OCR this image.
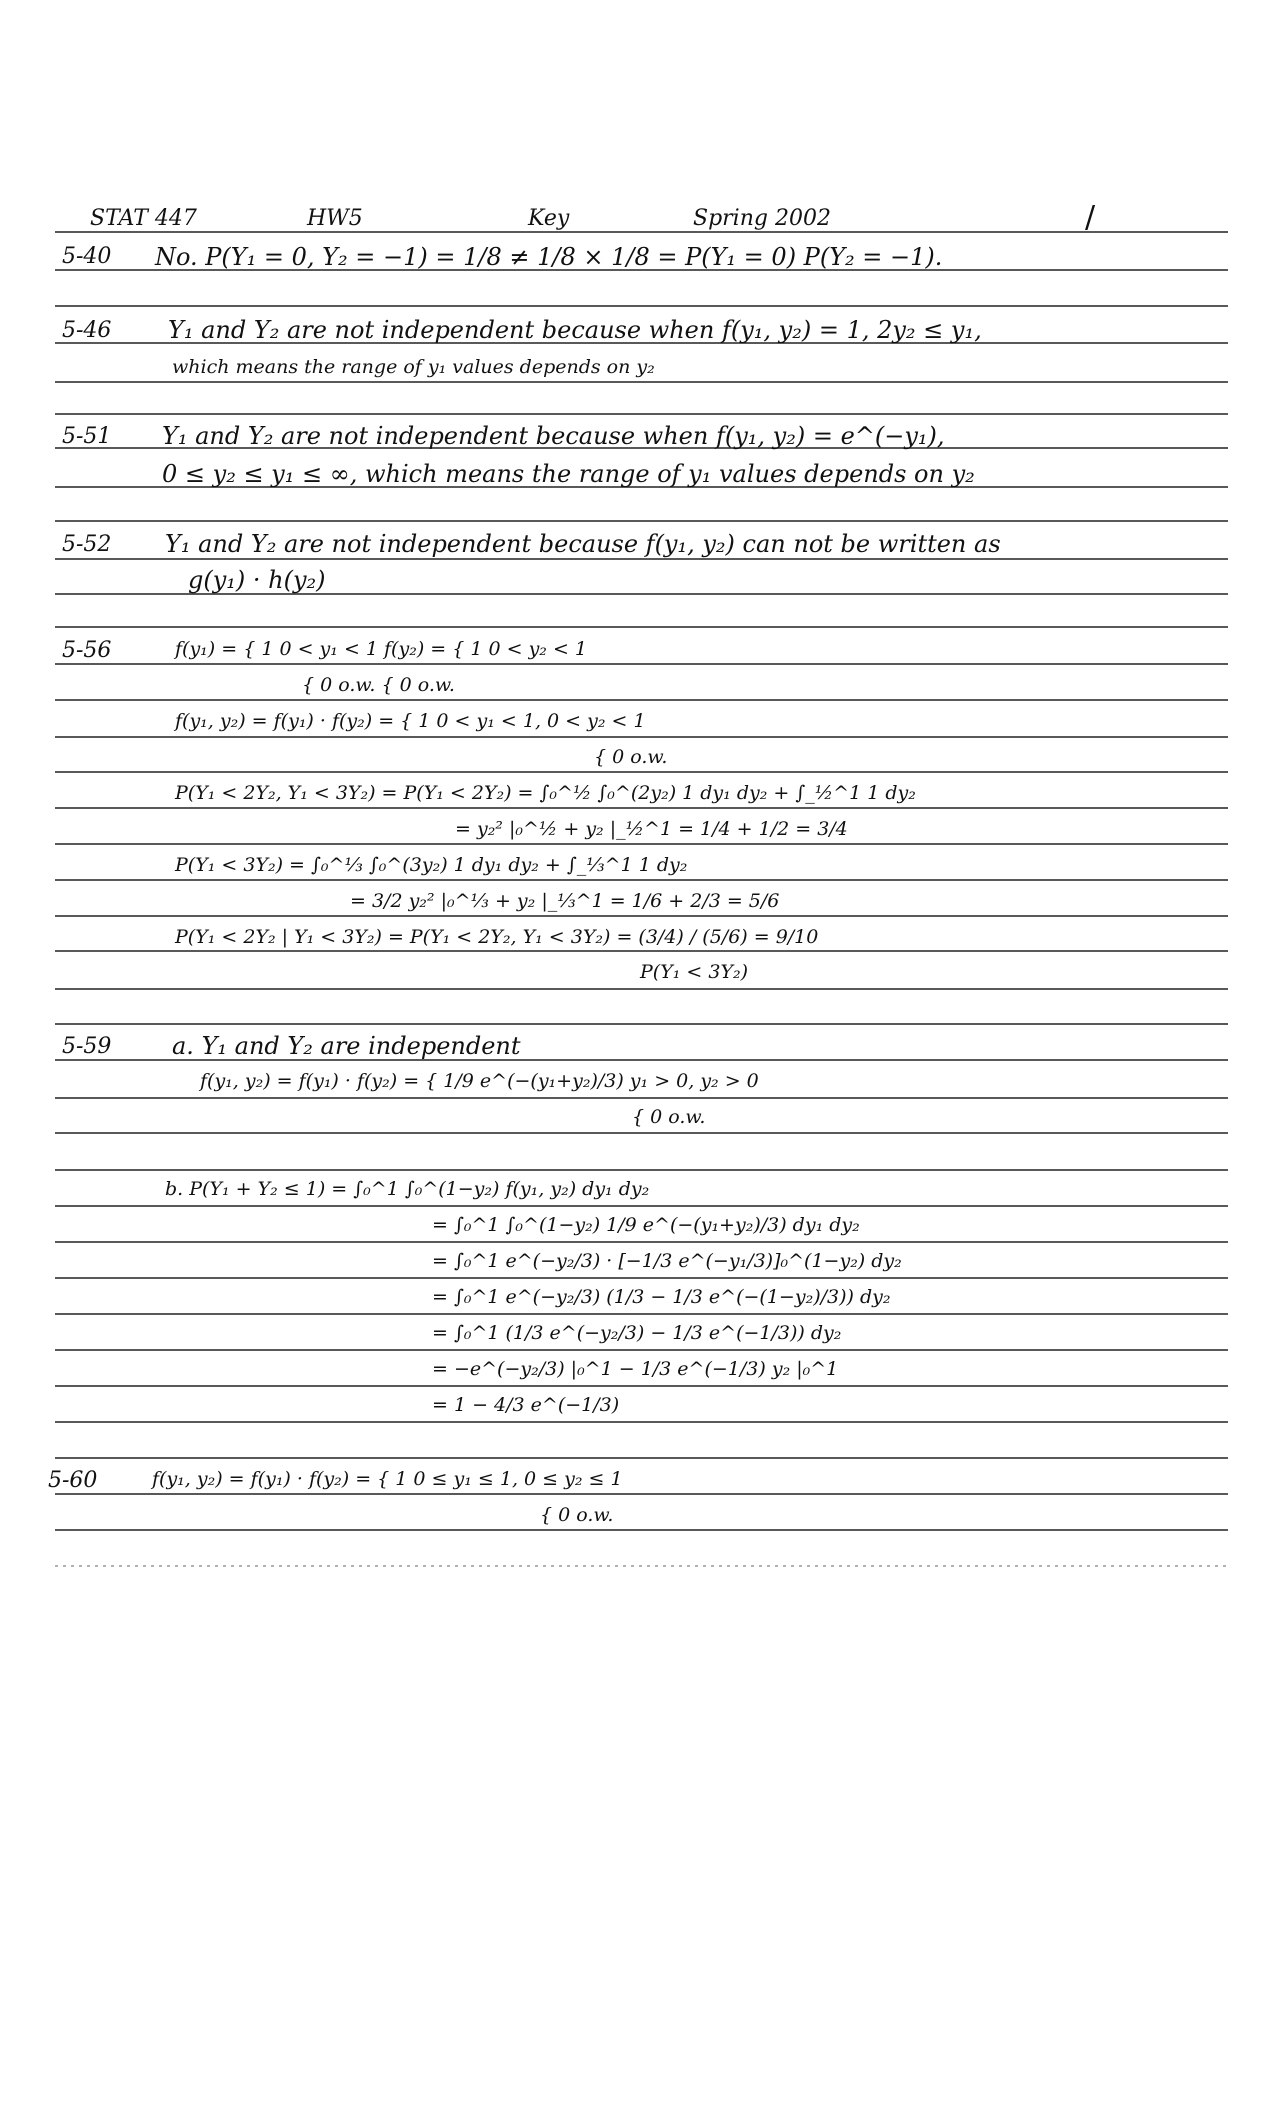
STAT 447	HW5	Key	Spring 2002	/
5-40 No. P(Y₁ = 0, Y₂ = −1) = 1/8 ≠ 1/8 × 1/8 = P(Y₁ = 0) P(Y₂ = −1).
5-46 Y₁ and Y₂ are not independent because when f(y₁, y₂) = 1, 2y₂ ≤ y₁,
which means the range of y₁ values depends on y₂
5-51 Y₁ and Y₂ are not independent because when f(y₁, y₂) = e^(−y₁),
0 ≤ y₂ ≤ y₁ ≤ ∞, which means the range of y₁ values depends on y₂
5-52 Y₁ and Y₂ are not independent because f(y₁, y₂) can not be written as
g(y₁) · h(y₂)
5-56	f(y₁) = { 1 0 < y₁ < 1 f(y₂) = { 1 0 < y₂ < 1
{ 0 o.w. { 0 o.w.
f(y₁, y₂) = f(y₁) · f(y₂) = { 1 0 < y₁ < 1, 0 < y₂ < 1
{ 0 o.w.
P(Y₁ < 2Y₂, Y₁ < 3Y₂) = P(Y₁ < 2Y₂) = ∫₀^½ ∫₀^(2y₂) 1 dy₁ dy₂ + ∫_½^1 1 dy₂
= y₂² |₀^½ + y₂ |_½^1 = 1/4 + 1/2 = 3/4
P(Y₁ < 3Y₂) = ∫₀^⅓ ∫₀^(3y₂) 1 dy₁ dy₂ + ∫_⅓^1 1 dy₂
= 3/2 y₂² |₀^⅓ + y₂ |_⅓^1 = 1/6 + 2/3 = 5/6
P(Y₁ < 2Y₂ | Y₁ < 3Y₂) = P(Y₁ < 2Y₂, Y₁ < 3Y₂) = (3/4) / (5/6) = 9/10
P(Y₁ < 3Y₂)
5-59	a. Y₁ and Y₂ are independent
f(y₁, y₂) = f(y₁) · f(y₂) = { 1/9 e^(−(y₁+y₂)/3) y₁ > 0, y₂ > 0
{ 0 o.w.
b. P(Y₁ + Y₂ ≤ 1) = ∫₀^1 ∫₀^(1−y₂) f(y₁, y₂) dy₁ dy₂
= ∫₀^1 ∫₀^(1−y₂) 1/9 e^(−(y₁+y₂)/3) dy₁ dy₂
= ∫₀^1 e^(−y₂/3) · [−1/3 e^(−y₁/3)]₀^(1−y₂) dy₂
= ∫₀^1 e^(−y₂/3) (1/3 − 1/3 e^(−(1−y₂)/3)) dy₂
= ∫₀^1 (1/3 e^(−y₂/3) − 1/3 e^(−1/3)) dy₂
= −e^(−y₂/3) |₀^1 − 1/3 e^(−1/3) y₂ |₀^1
= 1 − 4/3 e^(−1/3)
5-60	f(y₁, y₂) = f(y₁) · f(y₂) = { 1 0 ≤ y₁ ≤ 1, 0 ≤ y₂ ≤ 1
{ 0 o.w.
